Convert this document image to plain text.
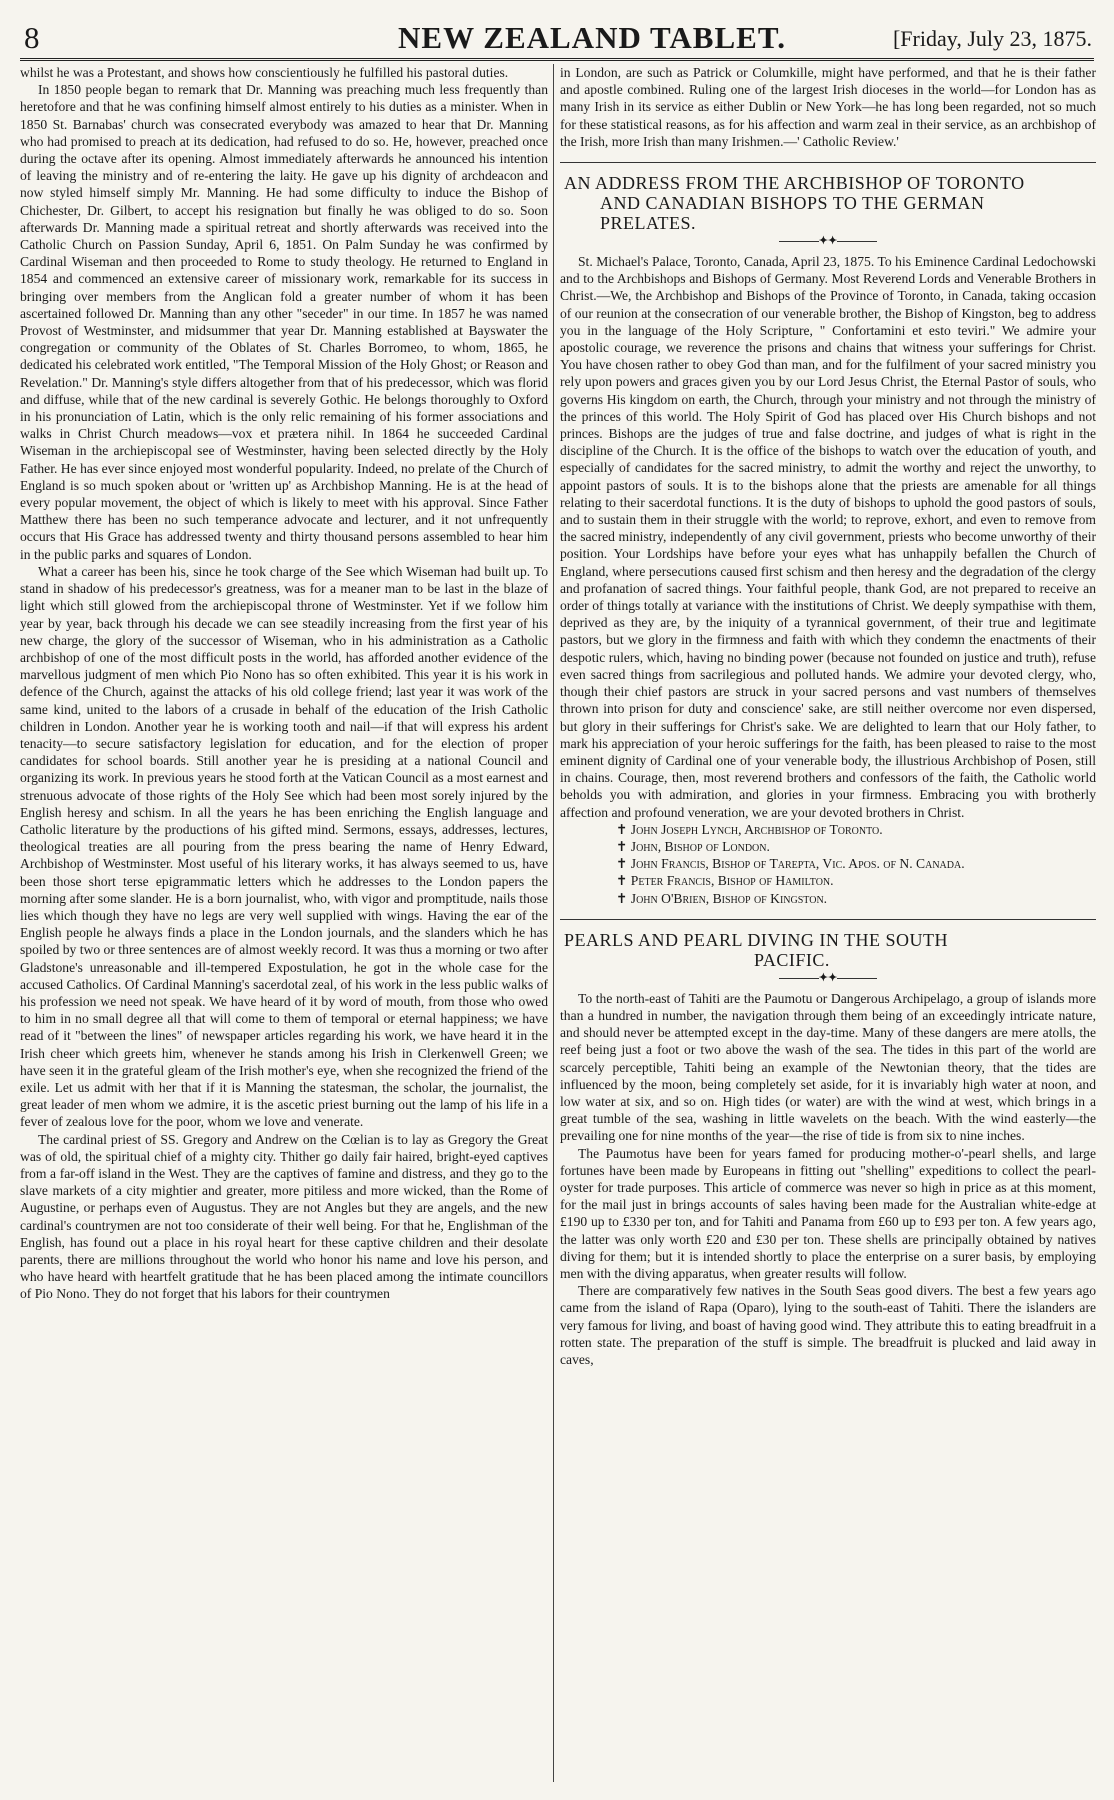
8	NEW ZEALAND TABLET.	[Friday, July 23, 1875.

whilst he was a Protestant, and shows how conscientiously he fulfilled his pastoral duties.

In 1850 people began to remark that Dr. Manning was preaching much less frequently than heretofore and that he was confining himself almost entirely to his duties as a minister. When in 1850 St. Barnabas' church was consecrated everybody was amazed to hear that Dr. Manning who had promised to preach at its dedication, had refused to do so. He, however, preached once during the octave after its opening. Almost immediately afterwards he announced his intention of leaving the ministry and of re-entering the laity. He gave up his dignity of archdeacon and now styled himself simply Mr. Manning. He had some difficulty to induce the Bishop of Chichester, Dr. Gilbert, to accept his resignation but finally he was obliged to do so. Soon afterwards Dr. Manning made a spiritual retreat and shortly afterwards was received into the Catholic Church on Passion Sunday, April 6, 1851. On Palm Sunday he was confirmed by Cardinal Wiseman and then proceeded to Rome to study theology. He returned to England in 1854 and commenced an extensive career of missionary work, remarkable for its success in bringing over members from the Anglican fold a greater number of whom it has been ascertained followed Dr. Manning than any other "seceder" in our time. In 1857 he was named Provost of Westminster, and midsummer that year Dr. Manning established at Bayswater the congregation or community of the Oblates of St. Charles Borromeo, to whom, 1865, he dedicated his celebrated work entitled, "The Temporal Mission of the Holy Ghost; or Reason and Revelation." Dr. Manning's style differs altogether from that of his predecessor, which was florid and diffuse, while that of the new cardinal is severely Gothic. He belongs thoroughly to Oxford in his pronunciation of Latin, which is the only relic remaining of his former associations and walks in Christ Church meadows—vox et prætera nihil. In 1864 he succeeded Cardinal Wiseman in the archiepiscopal see of Westminster, having been selected directly by the Holy Father. He has ever since enjoyed most wonderful popularity. Indeed, no prelate of the Church of England is so much spoken about or 'written up' as Archbishop Manning. He is at the head of every popular movement, the object of which is likely to meet with his approval. Since Father Matthew there has been no such temperance advocate and lecturer, and it not unfrequently occurs that His Grace has addressed twenty and thirty thousand persons assembled to hear him in the public parks and squares of London.

What a career has been his, since he took charge of the See which Wiseman had built up. To stand in shadow of his predecessor's greatness, was for a meaner man to be last in the blaze of light which still glowed from the archiepiscopal throne of Westminster. Yet if we follow him year by year, back through his decade we can see steadily increasing from the first year of his new charge, the glory of the successor of Wiseman, who in his administration as a Catholic archbishop of one of the most difficult posts in the world, has afforded another evidence of the marvellous judgment of men which Pio Nono has so often exhibited. This year it is his work in defence of the Church, against the attacks of his old college friend; last year it was work of the same kind, united to the labors of a crusade in behalf of the education of the Irish Catholic children in London. Another year he is working tooth and nail—if that will express his ardent tenacity—to secure satisfactory legislation for education, and for the election of proper candidates for school boards. Still another year he is presiding at a national Council and organizing its work. In previous years he stood forth at the Vatican Council as a most earnest and strenuous advocate of those rights of the Holy See which had been most sorely injured by the English heresy and schism. In all the years he has been enriching the English language and Catholic literature by the productions of his gifted mind. Sermons, essays, addresses, lectures, theological treaties are all pouring from the press bearing the name of Henry Edward, Archbishop of Westminster. Most useful of his literary works, it has always seemed to us, have been those short terse epigrammatic letters which he addresses to the London papers the morning after some slander. He is a born journalist, who, with vigor and promptitude, nails those lies which though they have no legs are very well supplied with wings. Having the ear of the English people he always finds a place in the London journals, and the slanders which he has spoiled by two or three sentences are of almost weekly record. It was thus a morning or two after Gladstone's unreasonable and ill-tempered Expostulation, he got in the whole case for the accused Catholics. Of Cardinal Manning's sacerdotal zeal, of his work in the less public walks of his profession we need not speak. We have heard of it by word of mouth, from those who owed to him in no small degree all that will come to them of temporal or eternal happiness; we have read of it "between the lines" of newspaper articles regarding his work, we have heard it in the Irish cheer which greets him, whenever he stands among his Irish in Clerkenwell Green; we have seen it in the grateful gleam of the Irish mother's eye, when she recognized the friend of the exile. Let us admit with her that if it is Manning the statesman, the scholar, the journalist, the great leader of men whom we admire, it is the ascetic priest burning out the lamp of his life in a fever of zealous love for the poor, whom we love and venerate.

The cardinal priest of SS. Gregory and Andrew on the Cœlian is to lay as Gregory the Great was of old, the spiritual chief of a mighty city. Thither go daily fair haired, bright-eyed captives from a far-off island in the West. They are the captives of famine and distress, and they go to the slave markets of a city mightier and greater, more pitiless and more wicked, than the Rome of Augustine, or perhaps even of Augustus. They are not Angles but they are angels, and the new cardinal's countrymen are not too considerate of their well being. For that he, Englishman of the English, has found out a place in his royal heart for these captive children and their desolate parents, there are millions throughout the world who honor his name and love his person, and who have heard with heartfelt gratitude that he has been placed among the intimate councillors of Pio Nono. They do not forget that his labors for their countrymen

in London, are such as Patrick or Columkille, might have performed, and that he is their father and apostle combined. Ruling one of the largest Irish dioceses in the world—for London has as many Irish in its service as either Dublin or New York—he has long been regarded, not so much for these statistical reasons, as for his affection and warm zeal in their service, as an archbishop of the Irish, more Irish than many Irishmen.—' Catholic Review.'

AN ADDRESS FROM THE ARCHBISHOP OF TORONTO
AND CANADIAN BISHOPS TO THE GERMAN
PRELATES.
✦✦

St. Michael's Palace, Toronto, Canada, April 23, 1875. To his Eminence Cardinal Ledochowski and to the Archbishops and Bishops of Germany. Most Reverend Lords and Venerable Brothers in Christ.—We, the Archbishop and Bishops of the Province of Toronto, in Canada, taking occasion of our reunion at the consecration of our venerable brother, the Bishop of Kingston, beg to address you in the language of the Holy Scripture, " Confortamini et esto teviri." We admire your apostolic courage, we reverence the prisons and chains that witness your sufferings for Christ. You have chosen rather to obey God than man, and for the fulfilment of your sacred ministry you rely upon powers and graces given you by our Lord Jesus Christ, the Eternal Pastor of souls, who governs His kingdom on earth, the Church, through your ministry and not through the ministry of the princes of this world. The Holy Spirit of God has placed over His Church bishops and not princes. Bishops are the judges of true and false doctrine, and judges of what is right in the discipline of the Church. It is the office of the bishops to watch over the education of youth, and especially of candidates for the sacred ministry, to admit the worthy and reject the unworthy, to appoint pastors of souls. It is to the bishops alone that the priests are amenable for all things relating to their sacerdotal functions. It is the duty of bishops to uphold the good pastors of souls, and to sustain them in their struggle with the world; to reprove, exhort, and even to remove from the sacred ministry, independently of any civil government, priests who become unworthy of their position. Your Lordships have before your eyes what has unhappily befallen the Church of England, where persecutions caused first schism and then heresy and the degradation of the clergy and profanation of sacred things. Your faithful people, thank God, are not prepared to receive an order of things totally at variance with the institutions of Christ. We deeply sympathise with them, deprived as they are, by the iniquity of a tyrannical government, of their true and legitimate pastors, but we glory in the firmness and faith with which they condemn the enactments of their despotic rulers, which, having no binding power (because not founded on justice and truth), refuse even sacred things from sacrilegious and polluted hands. We admire your devoted clergy, who, though their chief pastors are struck in your sacred persons and vast numbers of themselves thrown into prison for duty and conscience' sake, are still neither overcome nor even dispersed, but glory in their sufferings for Christ's sake. We are delighted to learn that our Holy father, to mark his appreciation of your heroic sufferings for the faith, has been pleased to raise to the most eminent dignity of Cardinal one of your venerable body, the illustrious Archbishop of Posen, still in chains. Courage, then, most reverend brothers and confessors of the faith, the Catholic world beholds you with admiration, and glories in your firmness. Embracing you with brotherly affection and profound veneration, we are your devoted brothers in Christ.

✝ John Joseph Lynch, Archbishop of Toronto.
✝ John, Bishop of London.
✝ John Francis, Bishop of Tarepta, Vic. Apos. of N. Canada.
✝ Peter Francis, Bishop of Hamilton.
✝ John O'Brien, Bishop of Kingston.
PEARLS AND PEARL DIVING IN THE SOUTH
PACIFIC.
✦✦

To the north-east of Tahiti are the Paumotu or Dangerous Archipelago, a group of islands more than a hundred in number, the navigation through them being of an exceedingly intricate nature, and should never be attempted except in the day-time. Many of these dangers are mere atolls, the reef being just a foot or two above the wash of the sea. The tides in this part of the world are scarcely perceptible, Tahiti being an example of the Newtonian theory, that the tides are influenced by the moon, being completely set aside, for it is invariably high water at noon, and low water at six, and so on. High tides (or water) are with the wind at west, which brings in a great tumble of the sea, washing in little wavelets on the beach. With the wind easterly—the prevailing one for nine months of the year—the rise of tide is from six to nine inches.

The Paumotus have been for years famed for producing mother-o'-pearl shells, and large fortunes have been made by Europeans in fitting out "shelling" expeditions to collect the pearl-oyster for trade purposes. This article of commerce was never so high in price as at this moment, for the mail just in brings accounts of sales having been made for the Australian white-edge at £190 up to £330 per ton, and for Tahiti and Panama from £60 up to £93 per ton. A few years ago, the latter was only worth £20 and £30 per ton. These shells are principally obtained by natives diving for them; but it is intended shortly to place the enterprise on a surer basis, by employing men with the diving apparatus, when greater results will follow.

There are comparatively few natives in the South Seas good divers. The best a few years ago came from the island of Rapa (Oparo), lying to the south-east of Tahiti. There the islanders are very famous for living, and boast of having good wind. They attribute this to eating breadfruit in a rotten state. The preparation of the stuff is simple. The breadfruit is plucked and laid away in caves,
